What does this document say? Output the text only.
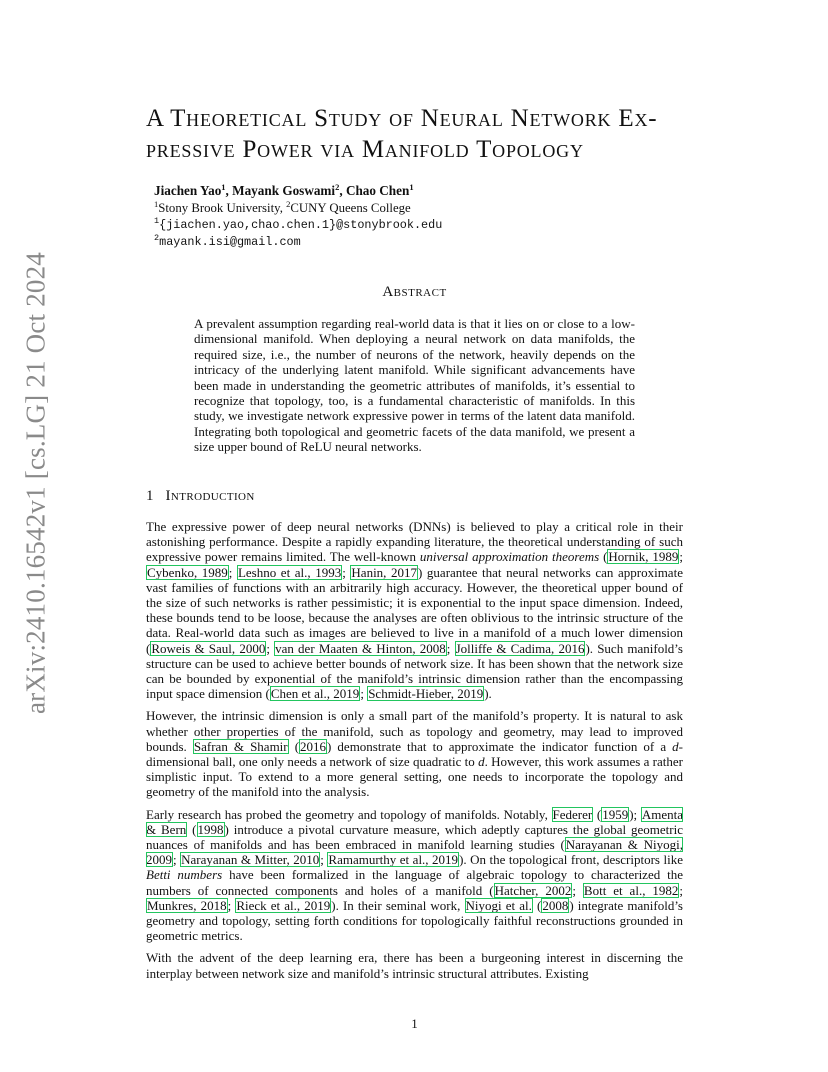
arXiv:2410.16542v1 [cs.LG] 21 Oct 2024
A Theoretical Study of Neural Network Ex-
pressive Power via Manifold Topology
Jiachen Yao$^1$, Mayank Goswami$^2$, Chao Chen$^1$
$^1$Stony Brook University, $^2$CUNY Queens College
$^1${jiachen.yao,chao.chen.1}@stonybrook.edu
$^2$mayank.isi@gmail.com
Abstract
A prevalent assumption regarding real-world data is that it lies on or close to a low-dimensional manifold. When deploying a neural network on data manifolds, the required size, i.e., the number of neurons of the network, heavily depends on the intricacy of the underlying latent manifold. While significant advancements have been made in understanding the geometric attributes of manifolds, it’s essential to recognize that topology, too, is a fundamental characteristic of manifolds. In this study, we investigate network expressive power in terms of the latent data manifold. Integrating both topological and geometric facets of the data manifold, we present a size upper bound of ReLU neural networks.
1 Introduction

The expressive power of deep neural networks (DNNs) is believed to play a critical role in their astonishing performance. Despite a rapidly expanding literature, the theoretical understanding of such expressive power remains limited. The well-known universal approximation theorems (Hornik, 1989; Cybenko, 1989; Leshno et al., 1993; Hanin, 2017) guarantee that neural networks can approximate vast families of functions with an arbitrarily high accuracy. However, the theoretical upper bound of the size of such networks is rather pessimistic; it is exponential to the input space dimension. Indeed, these bounds tend to be loose, because the analyses are often oblivious to the intrinsic structure of the data. Real-world data such as images are believed to live in a manifold of a much lower dimension (Roweis & Saul, 2000; van der Maaten & Hinton, 2008; Jolliffe & Cadima, 2016). Such manifold’s structure can be used to achieve better bounds of network size. It has been shown that the network size can be bounded by exponential of the manifold’s intrinsic dimension rather than the encompassing input space dimension (Chen et al., 2019; Schmidt-Hieber, 2019).

However, the intrinsic dimension is only a small part of the manifold’s property. It is natural to ask whether other properties of the manifold, such as topology and geometry, may lead to improved bounds. Safran & Shamir (2016) demonstrate that to approximate the indicator function of a d-dimensional ball, one only needs a network of size quadratic to d. However, this work assumes a rather simplistic input. To extend to a more general setting, one needs to incorporate the topology and geometry of the manifold into the analysis.

Early research has probed the geometry and topology of manifolds. Notably, Federer (1959); Amenta & Bern (1998) introduce a pivotal curvature measure, which adeptly captures the global geometric nuances of manifolds and has been embraced in manifold learning studies (Narayanan & Niyogi, 2009; Narayanan & Mitter, 2010; Ramamurthy et al., 2019). On the topological front, descriptors like Betti numbers have been formalized in the language of algebraic topology to characterized the numbers of connected components and holes of a manifold (Hatcher, 2002; Bott et al., 1982; Munkres, 2018; Rieck et al., 2019). In their seminal work, Niyogi et al. (2008) integrate manifold’s geometry and topology, setting forth conditions for topologically faithful reconstructions grounded in geometric metrics.

With the advent of the deep learning era, there has been a burgeoning interest in discerning the interplay between network size and manifold’s intrinsic structural attributes. Existing

1
